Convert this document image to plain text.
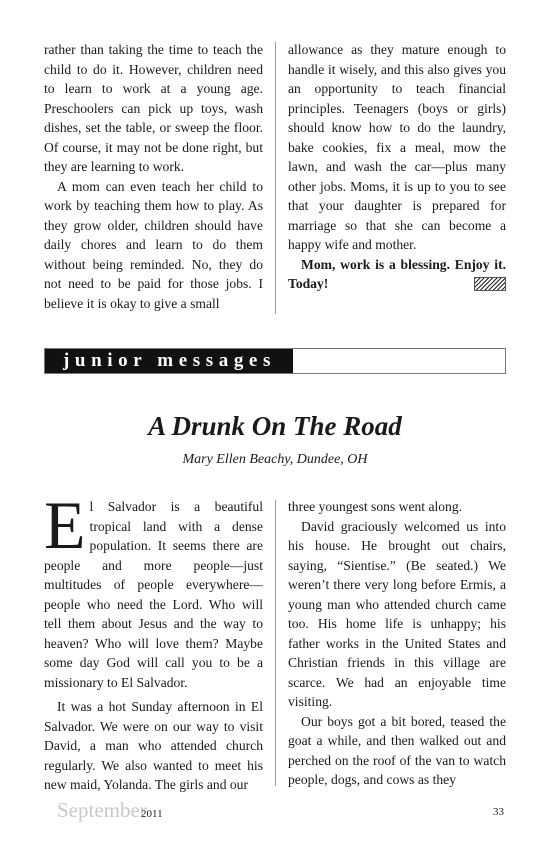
rather than taking the time to teach the child to do it. However, children need to learn to work at a young age. Preschoolers can pick up toys, wash dishes, set the table, or sweep the floor. Of course, it may not be done right, but they are learning to work.

A mom can even teach her child to work by teaching them how to play. As they grow older, children should have daily chores and learn to do them without being reminded. No, they do not need to be paid for those jobs. I believe it is okay to give a small

allowance as they mature enough to handle it wisely, and this also gives you an opportunity to teach financial principles. Teenagers (boys or girls) should know how to do the laundry, bake cookies, fix a meal, mow the lawn, and wash the car—plus many other jobs. Moms, it is up to you to see that your daughter is prepared for marriage so that she can become a happy wife and mother.

Mom, work is a blessing. Enjoy it. Today!

junior messages
A Drunk On The Road
Mary Ellen Beachy, Dundee, OH

El Salvador is a beautiful tropical land with a dense population. It seems there are people and more people—just multitudes of people everywhere—people who need the Lord. Who will tell them about Jesus and the way to heaven? Who will love them? Maybe some day God will call you to be a missionary to El Salvador.

It was a hot Sunday afternoon in El Salvador. We were on our way to visit David, a man who attended church regularly. We also wanted to meet his new maid, Yolanda. The girls and our

three youngest sons went along.

David graciously welcomed us into his house. He brought out chairs, saying, “Sientise.” (Be seated.) We weren’t there very long before Ermis, a young man who attended church came too. His home life is unhappy; his father works in the United States and Christian friends in this village are scarce. We had an enjoyable time visiting.

Our boys got a bit bored, teased the goat a while, and then walked out and perched on the roof of the van to watch people, dogs, and cows as they

September
2011	33
